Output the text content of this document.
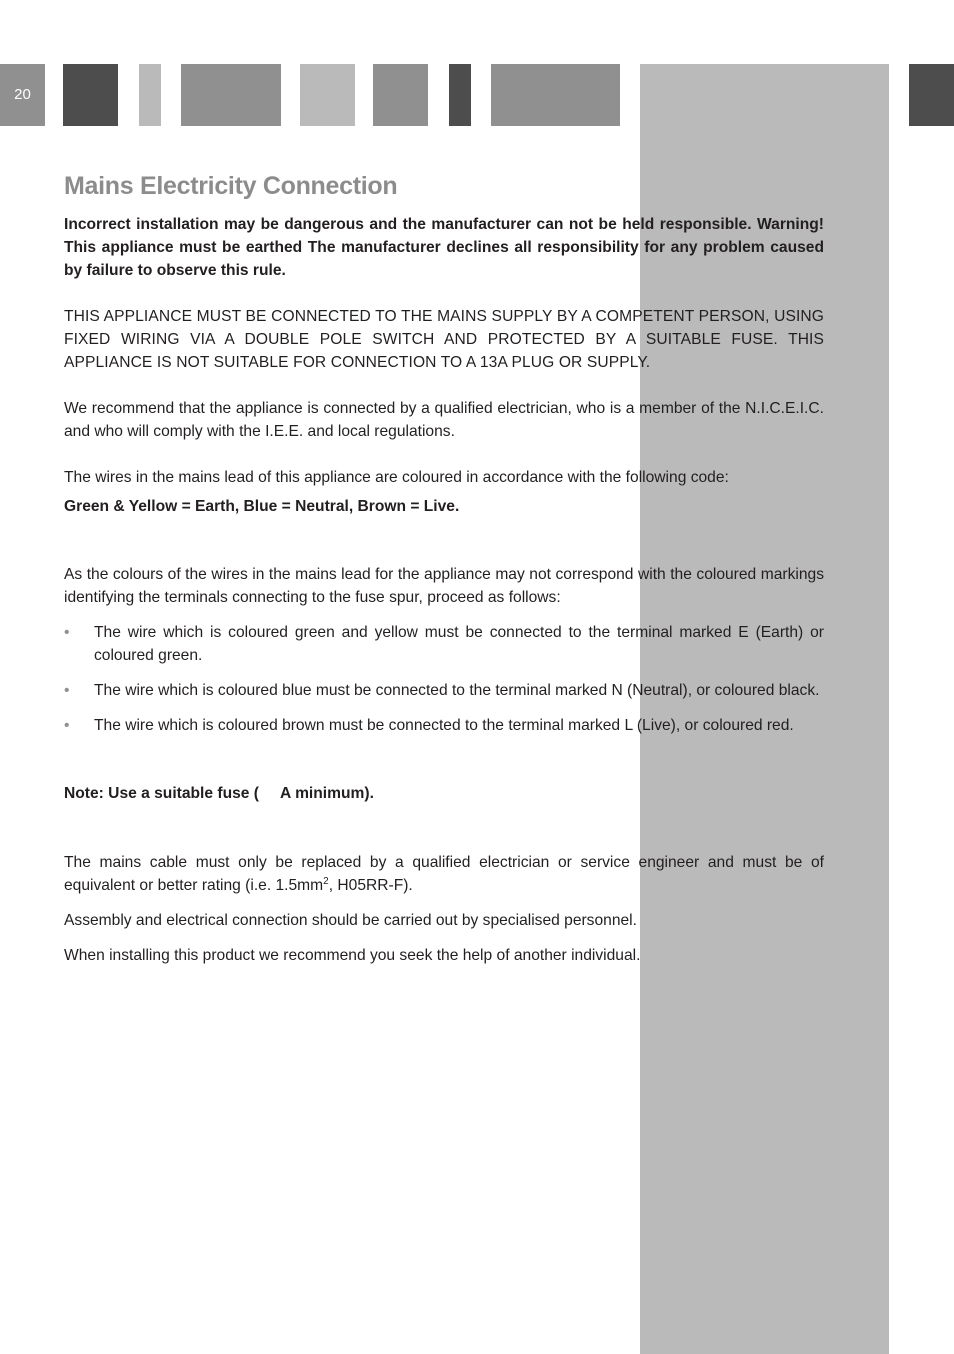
20
Mains Electricity Connection

Incorrect installation may be dangerous and the manufacturer can not be held responsible. Warning! This appliance must be earthed The manufacturer declines all responsibility for any problem caused by failure to observe this rule.

THIS APPLIANCE MUST BE CONNECTED TO THE MAINS SUPPLY BY A COMPETENT PERSON, USING FIXED WIRING VIA A DOUBLE POLE SWITCH AND PROTECTED BY A SUITABLE FUSE. THIS APPLIANCE IS NOT SUITABLE FOR CONNECTION TO A 13A PLUG OR SUPPLY.

We recommend that the appliance is connected by a qualified electrician, who is a member of the N.I.C.E.I.C. and who will comply with the I.E.E. and local regulations.

The wires in the mains lead of this appliance are coloured in accordance with the following code:

Green & Yellow = Earth, Blue = Neutral, Brown = Live.

As the colours of the wires in the mains lead for the appliance may not correspond with the coloured markings identifying the terminals connecting to the fuse spur, proceed as follows:

• The wire which is coloured green and yellow must be connected to the terminal marked E (Earth) or coloured green.
• The wire which is coloured blue must be connected to the terminal marked N (Neutral), or coloured black.
• The wire which is coloured brown must be connected to the terminal marked L (Live), or coloured red.

Note: Use a suitable fuse (     A minimum).

The mains cable must only be replaced by a qualified electrician or service engineer and must be of equivalent or better rating (i.e. $1.5mm^2$, H05RR-F).

Assembly and electrical connection should be carried out by specialised personnel.

When installing this product we recommend you seek the help of another individual.
